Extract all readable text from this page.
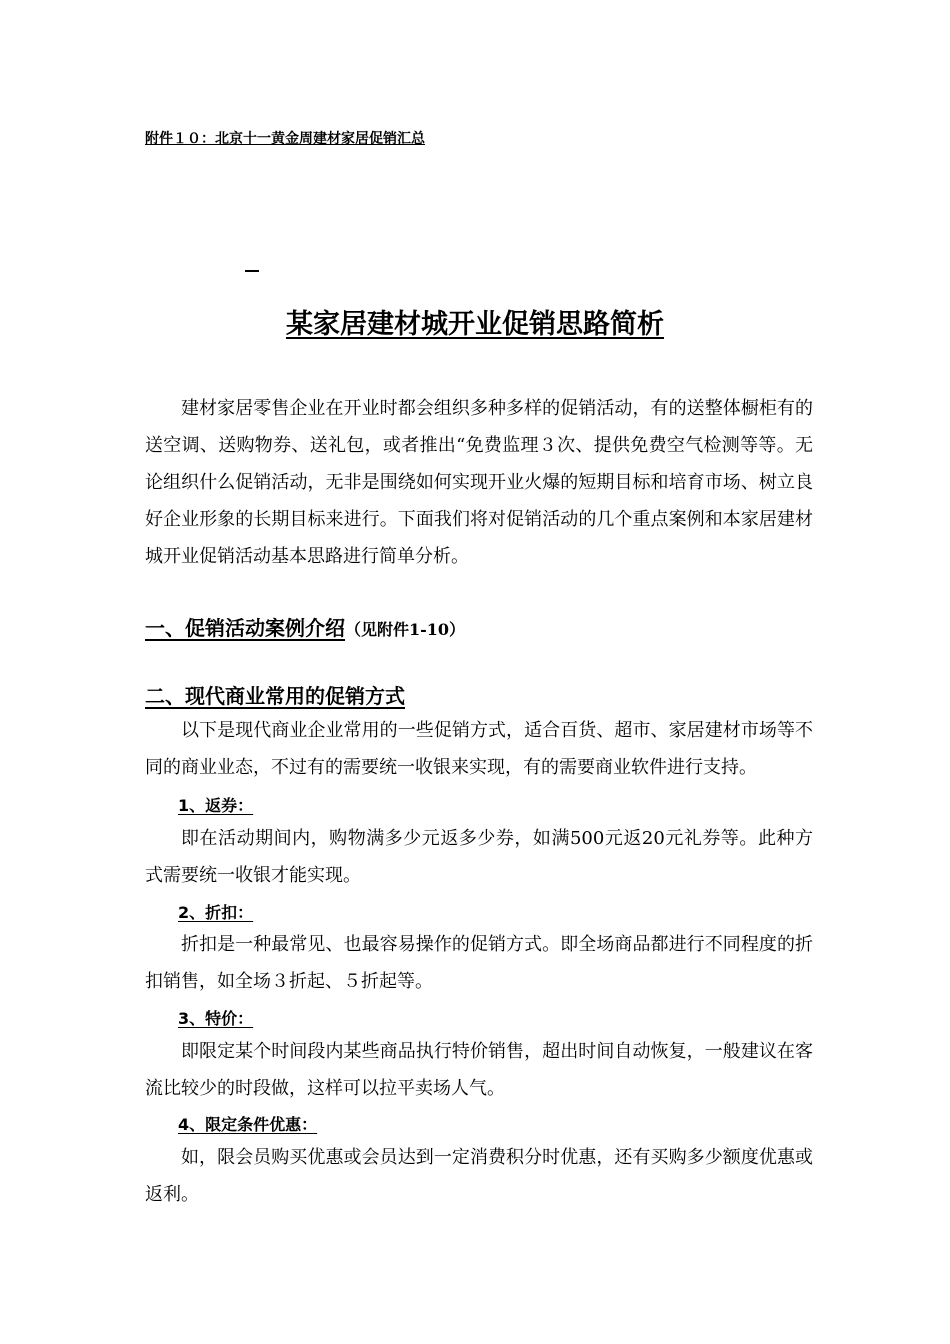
附件１０：北京十一黄金周建材家居促销汇总
某家居建材城开业促销思路简析

建材家居零售企业在开业时都会组织多种多样的促销活动，有的送整体橱柜有的送空调、送购物券、送礼包，或者推出“免费监理３次、提供免费空气检测等等。无论组织什么促销活动，无非是围绕如何实现开业火爆的短期目标和培育市场、树立良好企业形象的长期目标来进行。下面我们将对促销活动的几个重点案例和本家居建材城开业促销活动基本思路进行简单分析。

一、促销活动案例介绍（见附件1-10）
二、现代商业常用的促销方式

以下是现代商业企业常用的一些促销方式，适合百货、超市、家居建材市场等不同的商业业态，不过有的需要统一收银来实现，有的需要商业软件进行支持。

1、返券：

即在活动期间内，购物满多少元返多少券，如满500元返20元礼券等。此种方式需要统一收银才能实现。

2、折扣：

折扣是一种最常见、也最容易操作的促销方式。即全场商品都进行不同程度的折扣销售，如全场３折起、５折起等。

3、特价：

即限定某个时间段内某些商品执行特价销售，超出时间自动恢复，一般建议在客流比较少的时段做，这样可以拉平卖场人气。

4、限定条件优惠：

如，限会员购买优惠或会员达到一定消费积分时优惠，还有买购多少额度优惠或返利。
